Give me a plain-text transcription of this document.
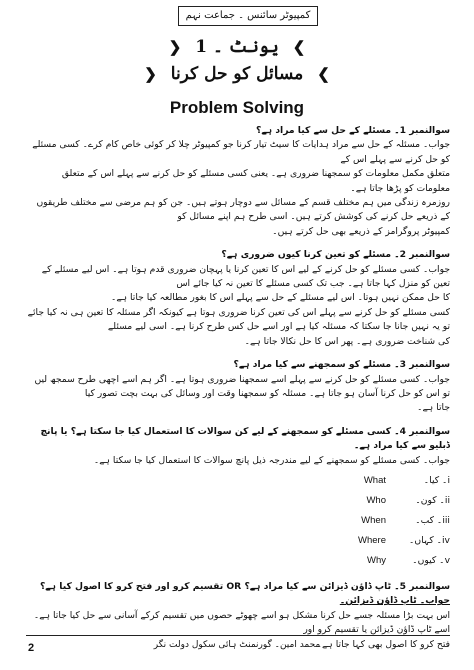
کمپیوٹر سائنس ۔ جماعت نہم
❯یونٹ ۔ 1❮
❯مسائل کو حل کرنا❮
Problem Solving
سوالنمبر 1۔ مسئلے کے حل سے کیا مراد ہے؟

جواب۔ مسئلہ کے حل سے مراد ہدایات کا سیٹ تیار کرنا جو کمپیوٹر چلا کر کوئی خاص کام کرے۔ کسی مسئلے کو حل کرنے سے پہلے اس کے

متعلق مکمل معلومات کو سمجھنا ضروری ہے۔ یعنی کسی مسئلے کو حل کرنے سے پہلے اس کے متعلق معلومات کو پڑھا جاتا ہے۔

روزمرہ زندگی میں ہم مختلف قسم کے مسائل سے دوچار ہوتے ہیں۔ جن کو ہم مرضی سے مختلف طریقوں کے ذریعے حل کرنے کی کوشش کرتے ہیں۔ اسی طرح ہم اپنے مسائل کو

کمپیوٹر پروگرامز کے ذریعے بھی حل کرتے ہیں۔

سوالنمبر 2۔ مسئلے کو تعین کرنا کیوں ضروری ہے؟

جواب۔ کسی مسئلے کو حل کرنے کے لیے اس کا تعین کرنا یا پہچان ضروری قدم ہوتا ہے۔ اس لیے مسئلے کے تعین کو منزل کہا جاتا ہے۔ جب تک کسی مسئلے کا تعین نہ کیا جائے اس

کا حل ممکن نہیں ہوتا۔ اس لیے مسئلے کے حل سے پہلے اس کا بغور مطالعہ کیا جاتا ہے۔

کسی مسئلے کو حل کرنے سے پہلے اس کی تعین کرنا ضروری ہوتا ہے کیونکہ اگر مسئلہ کا تعین ہی نہ کیا جائے تو یہ نہیں جانا جا سکتا کہ مسئلہ کیا ہے اور اسے حل کس طرح کرنا ہے۔ اسی لیے مسئلے

کی شناخت ضروری ہے۔ پھر اس کا حل نکالا جاتا ہے۔

سوالنمبر 3۔ مسئلے کو سمجھنے سے کیا مراد ہے؟

جواب۔ کسی مسئلے کو حل کرنے سے پہلے اسے سمجھنا ضروری ہوتا ہے۔ اگر ہم اسے اچھی طرح سمجھ لیں تو اس کو حل کرنا آسان ہو جاتا ہے۔ مسئلہ کو سمجھنا وقت اور وسائل کی بہت بچت تصور کیا

جاتا ہے۔

سوالنمبر 4۔ کسی مسئلے کو سمجھنے کے لیے کن سوالات کا استعمال کیا جا سکتا ہے؟ یا پانچ ڈبلیو سے کیا مراد ہے۔

جواب۔ کسی مسئلے کو سمجھنے کے لیے مندرجہ ذیل پانچ سوالات کا استعمال کیا جا سکتا ہے۔

i۔ کیا۔
What
ii۔ کون۔
Who
iii۔ کب۔
When
iv۔ کہاں۔
Where
v۔ کیوں۔
Why
سوالنمبر 5۔ ٹاپ ڈاؤن ڈیزائن سے کیا مراد ہے؟ OR تقسیم کرو اور فتح کرو کا اصول کیا ہے؟

جواب۔ ٹاپ ڈاؤن ڈیزائن۔

اس بہت بڑا مسئلہ جسے حل کرنا مشکل ہو اسے چھوٹے حصوں میں تقسیم کرکے آسانی سے حل کیا جاتا ہے۔ اسے ٹاپ ڈاؤن ڈیزائن یا تقسیم کرو اور

فتح کرو کا اصول بھی کہا جاتا ہے۔

2	محمد امین۔ گورنمنٹ ہائی سکول دولت نگر
